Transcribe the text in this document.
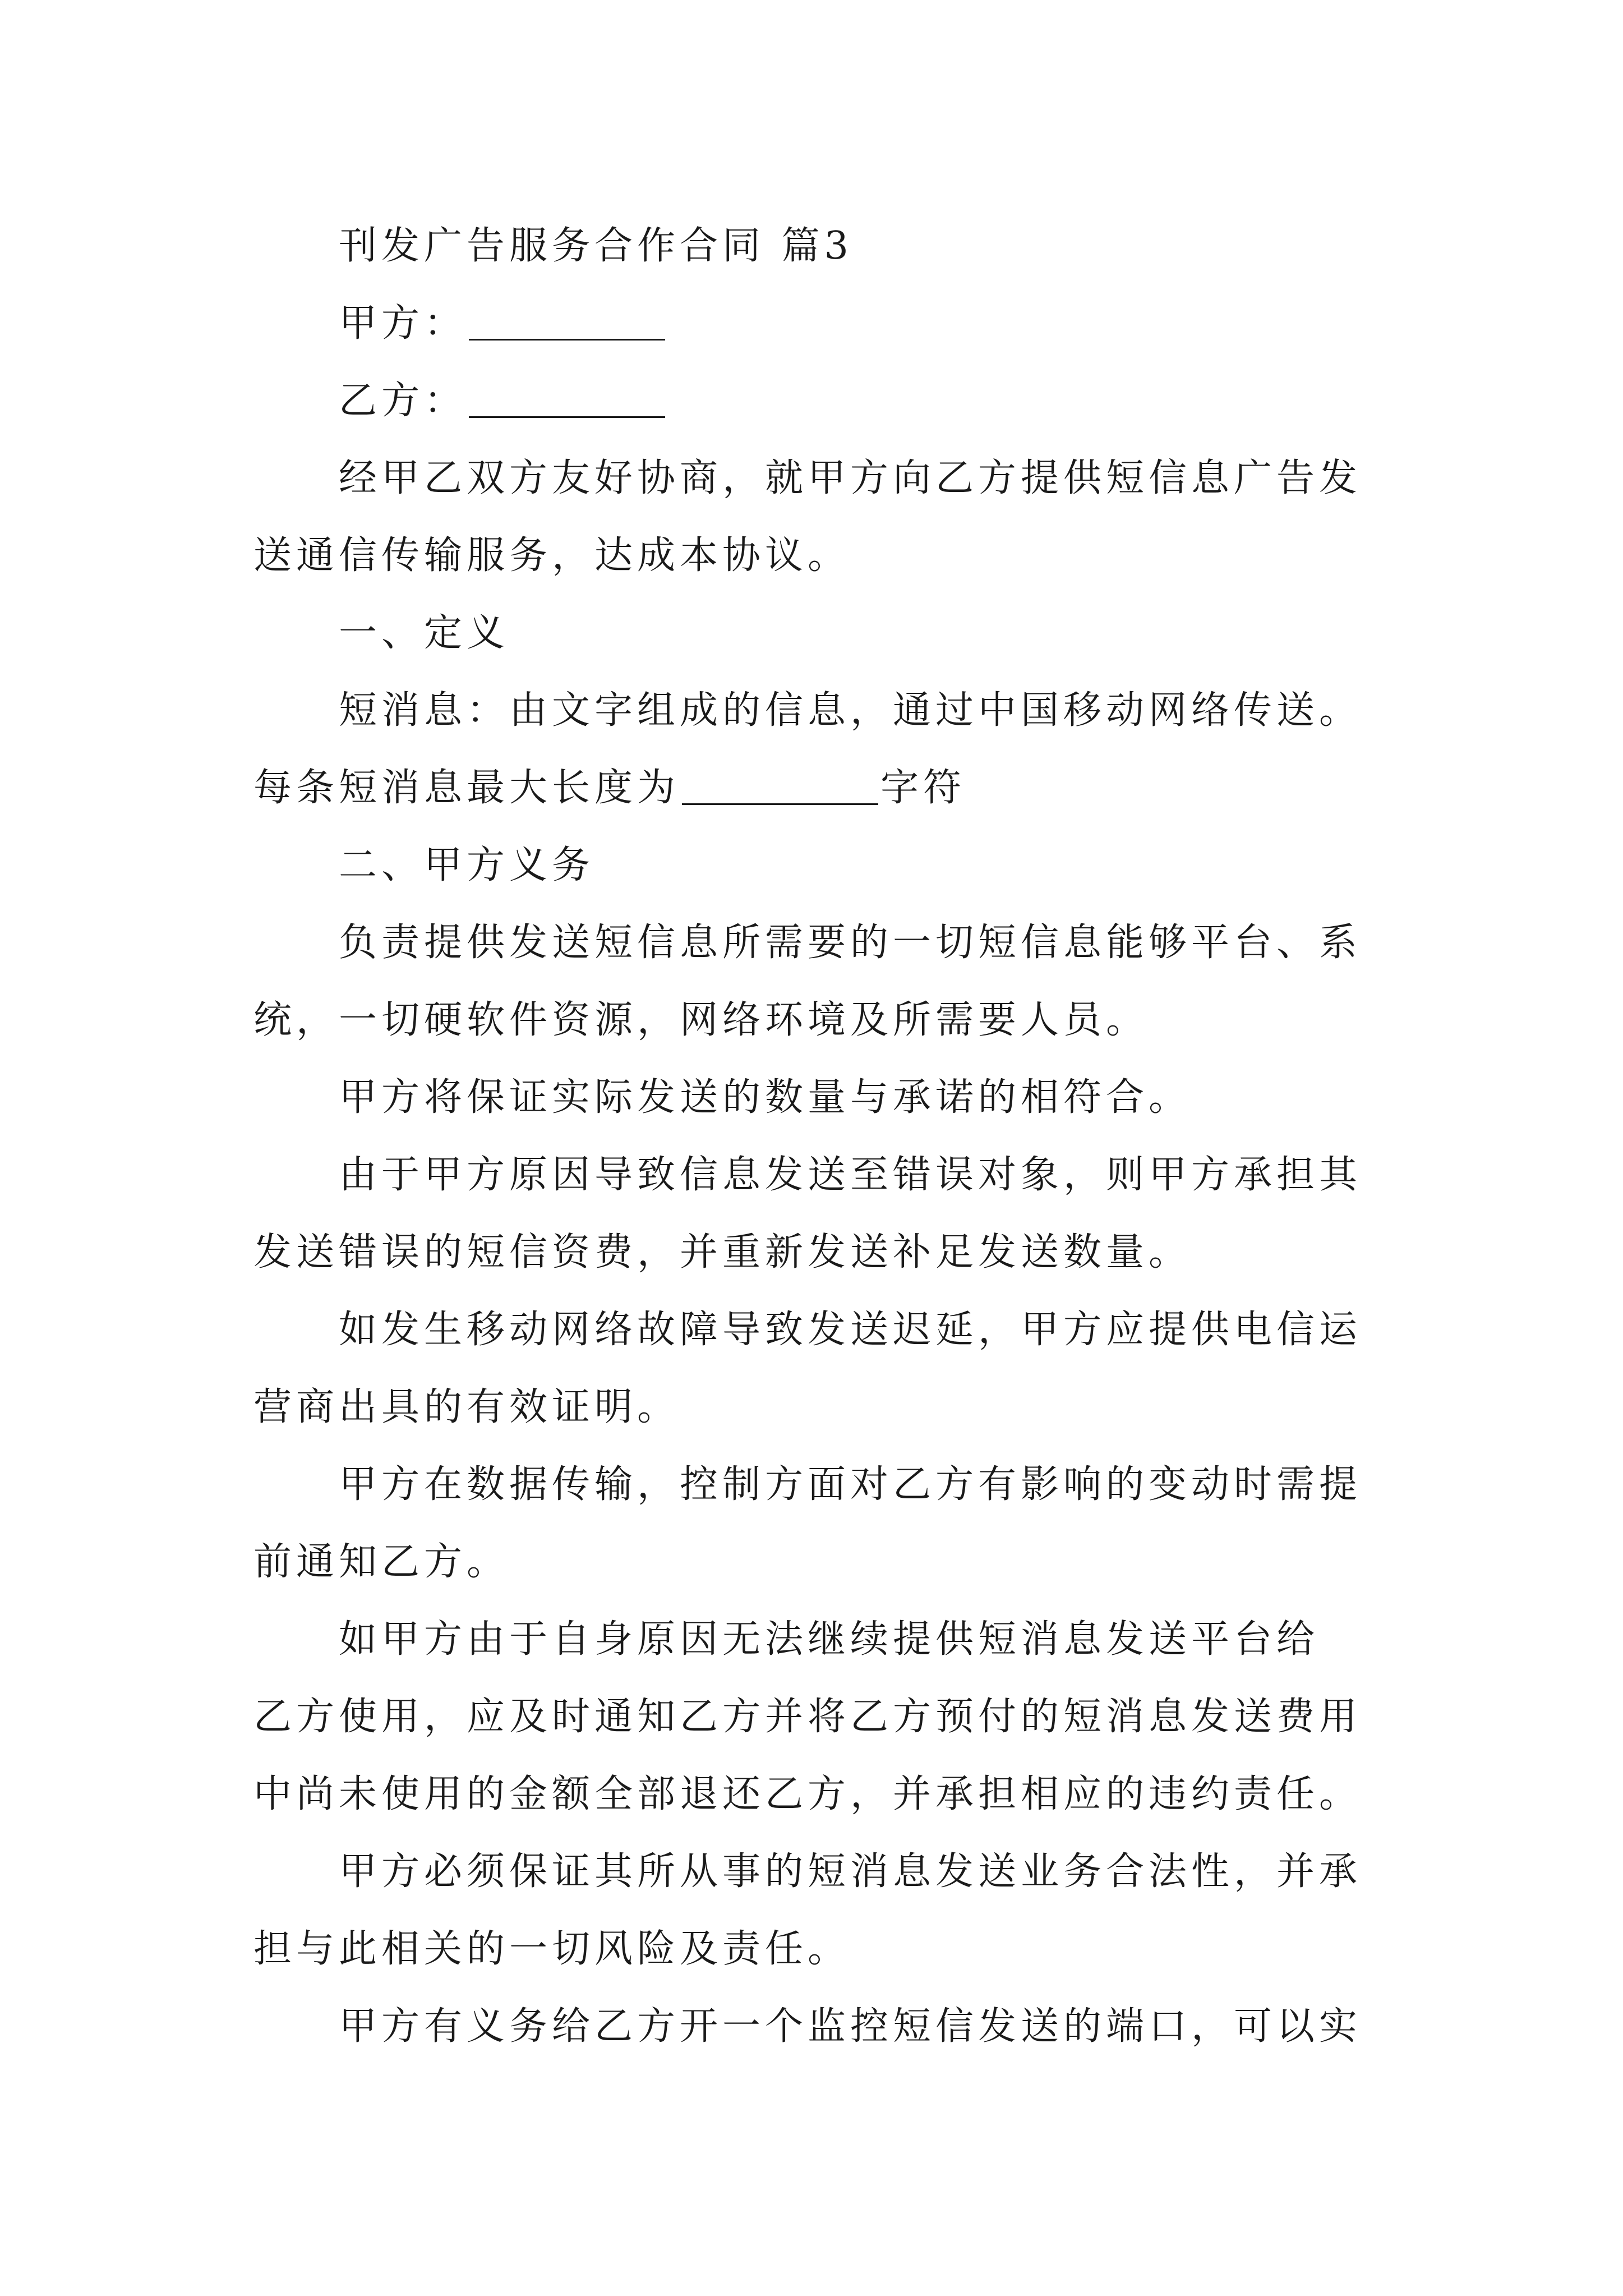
刊发广告服务合作合同 篇3
甲方：
乙方：
经甲乙双方友好协商，就甲方向乙方提供短信息广告发
送通信传输服务，达成本协议。
一、定义
短消息：由文字组成的信息，通过中国移动网络传送。
每条短消息最大长度为	字符
二、甲方义务
负责提供发送短信息所需要的一切短信息能够平台、系
统，一切硬软件资源，网络环境及所需要人员。
甲方将保证实际发送的数量与承诺的相符合。
由于甲方原因导致信息发送至错误对象，则甲方承担其
发送错误的短信资费，并重新发送补足发送数量。
如发生移动网络故障导致发送迟延，甲方应提供电信运
营商出具的有效证明。
甲方在数据传输，控制方面对乙方有影响的变动时需提
前通知乙方。
如甲方由于自身原因无法继续提供短消息发送平台给
乙方使用，应及时通知乙方并将乙方预付的短消息发送费用
中尚未使用的金额全部退还乙方，并承担相应的违约责任。
甲方必须保证其所从事的短消息发送业务合法性，并承
担与此相关的一切风险及责任。
甲方有义务给乙方开一个监控短信发送的端口，可以实
